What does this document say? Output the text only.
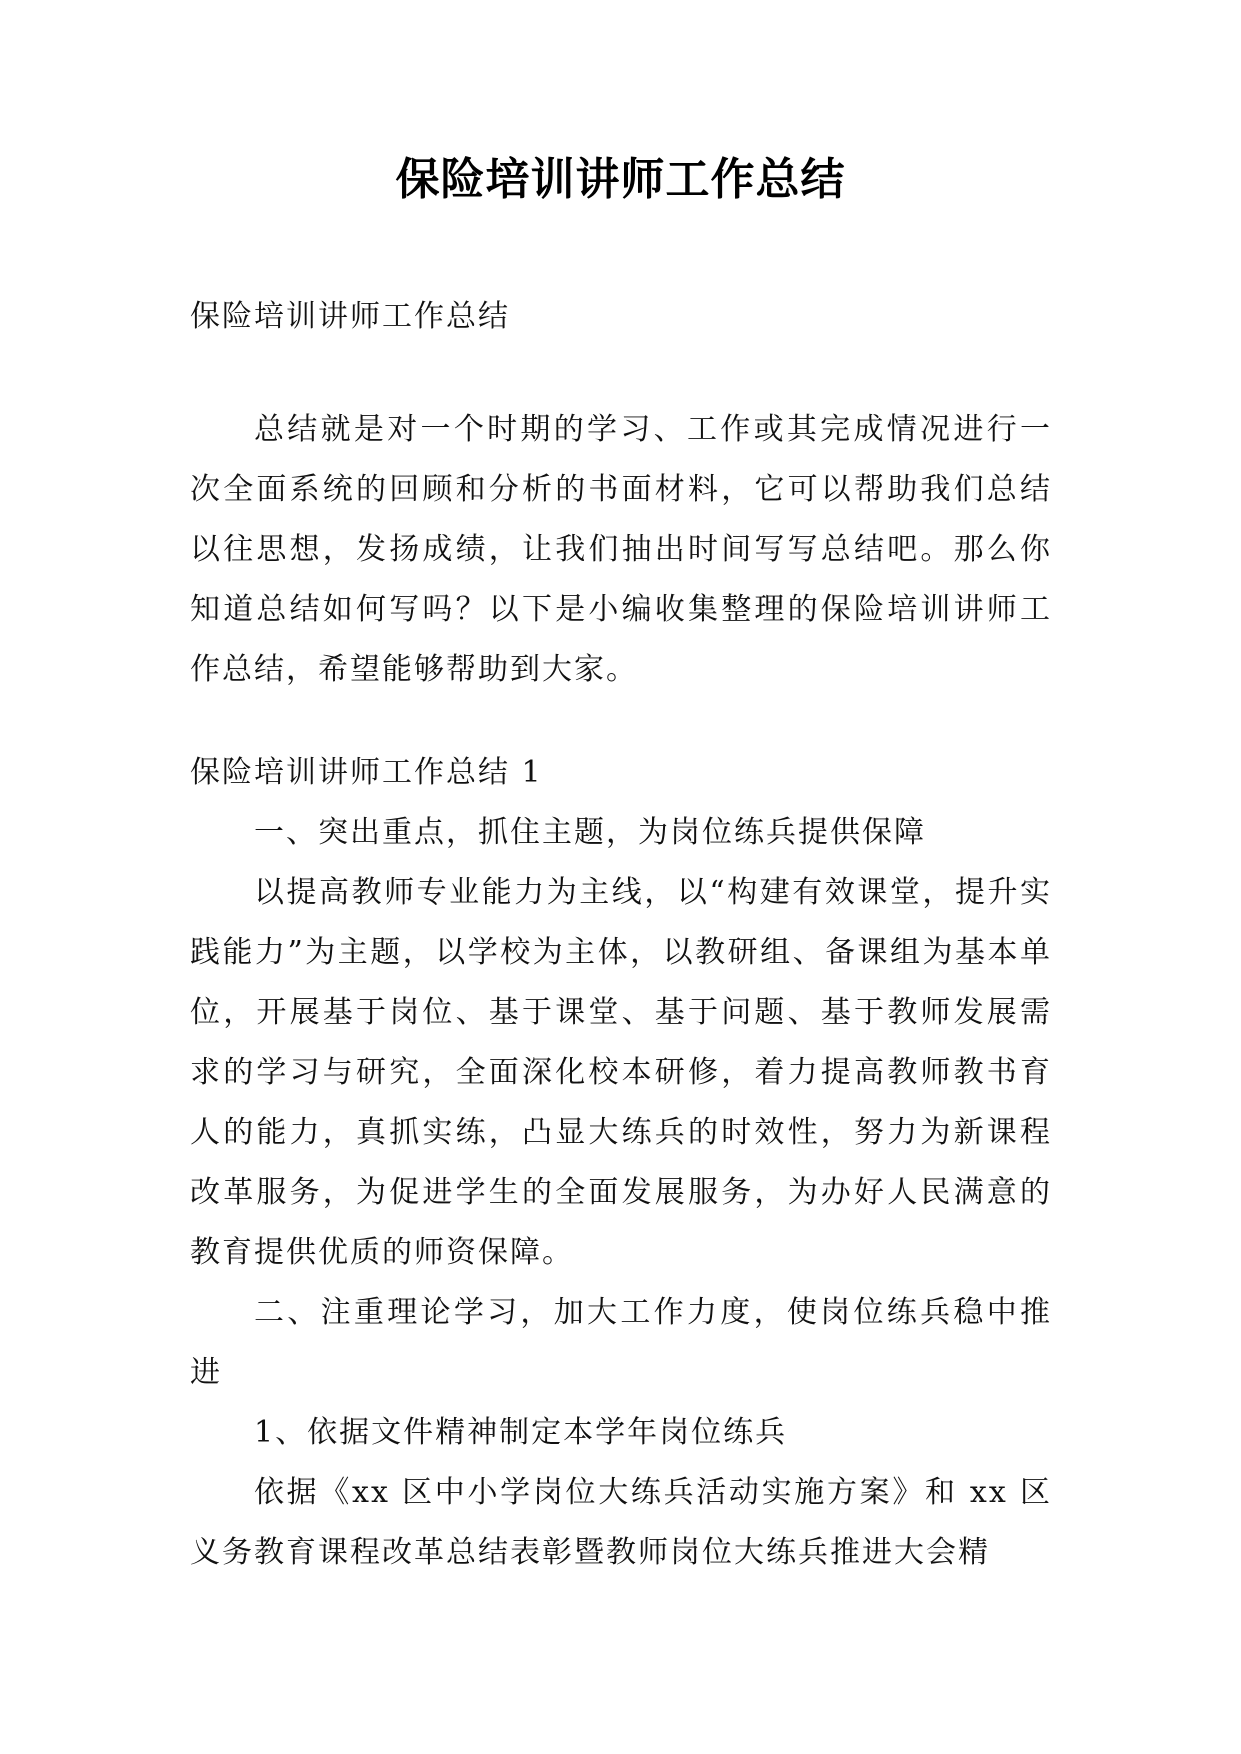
保险培训讲师工作总结

保险培训讲师工作总结

总结就是对一个时期的学习、工作或其完成情况进行一次全面系统的回顾和分析的书面材料，它可以帮助我们总结以往思想，发扬成绩，让我们抽出时间写写总结吧。那么你知道总结如何写吗？以下是小编收集整理的保险培训讲师工作总结，希望能够帮助到大家。

保险培训讲师工作总结 1

一、突出重点，抓住主题，为岗位练兵提供保障

以提高教师专业能力为主线，以“构建有效课堂，提升实践能力”为主题，以学校为主体，以教研组、备课组为基本单位，开展基于岗位、基于课堂、基于问题、基于教师发展需求的学习与研究，全面深化校本研修，着力提高教师教书育人的能力，真抓实练，凸显大练兵的时效性，努力为新课程改革服务，为促进学生的全面发展服务，为办好人民满意的教育提供优质的师资保障。

二、注重理论学习，加大工作力度，使岗位练兵稳中推进

1、依据文件精神制定本学年岗位练兵

依据《xx 区中小学岗位大练兵活动实施方案》和 xx 区义务教育课程改革总结表彰暨教师岗位大练兵推进大会精
